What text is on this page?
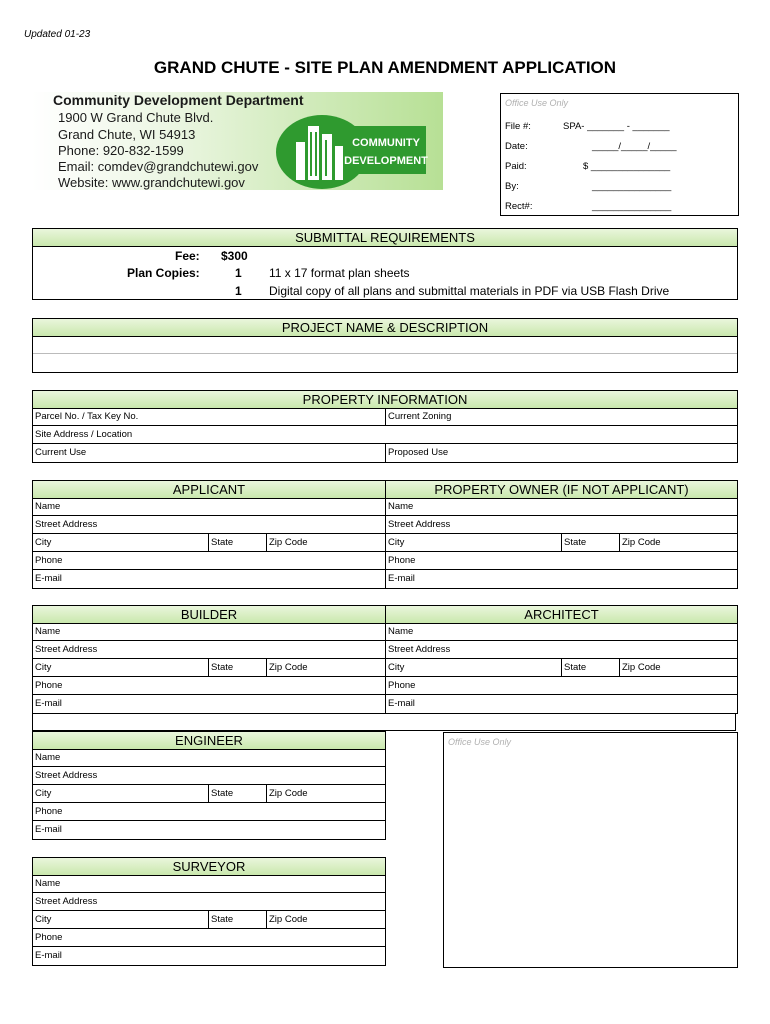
Updated 01-23
GRAND CHUTE - SITE PLAN AMENDMENT APPLICATION
Community Development Department
1900 W Grand Chute Blvd.
Grand Chute, WI 54913
Phone: 920-832-1599
Email: comdev@grandchutewi.gov
Website: www.grandchutewi.gov
COMMUNITY
DEVELOPMENT
Office Use Only
File #:	SPA- _______ - _______
Date:	_____/_____/_____
Paid:	$ _______________
By:	_______________
Rect#:	_______________
SUBMITTAL REQUIREMENTS
Fee: $300
Plan Copies:	1 11 x 17 format plan sheets
1 Digital copy of all plans and submittal materials in PDF via USB Flash Drive
PROJECT NAME & DESCRIPTION
PROPERTY INFORMATION
Parcel No. / Tax Key No.	Current Zoning
Site Address / Location
Current Use	Proposed Use
APPLICANT
Name
Street Address
City	State	Zip Code
Phone
E-mail
PROPERTY OWNER (IF NOT APPLICANT)
Name
Street Address
City	State	Zip Code
Phone
E-mail
BUILDER
Name
Street Address
City	State	Zip Code
Phone
E-mail
ARCHITECT
Name
Street Address
City	State	Zip Code
Phone
E-mail
ENGINEER
Name
Street Address
City	State	Zip Code
Phone
E-mail
SURVEYOR
Name
Street Address
City	State	Zip Code
Phone
E-mail
Office Use Only
